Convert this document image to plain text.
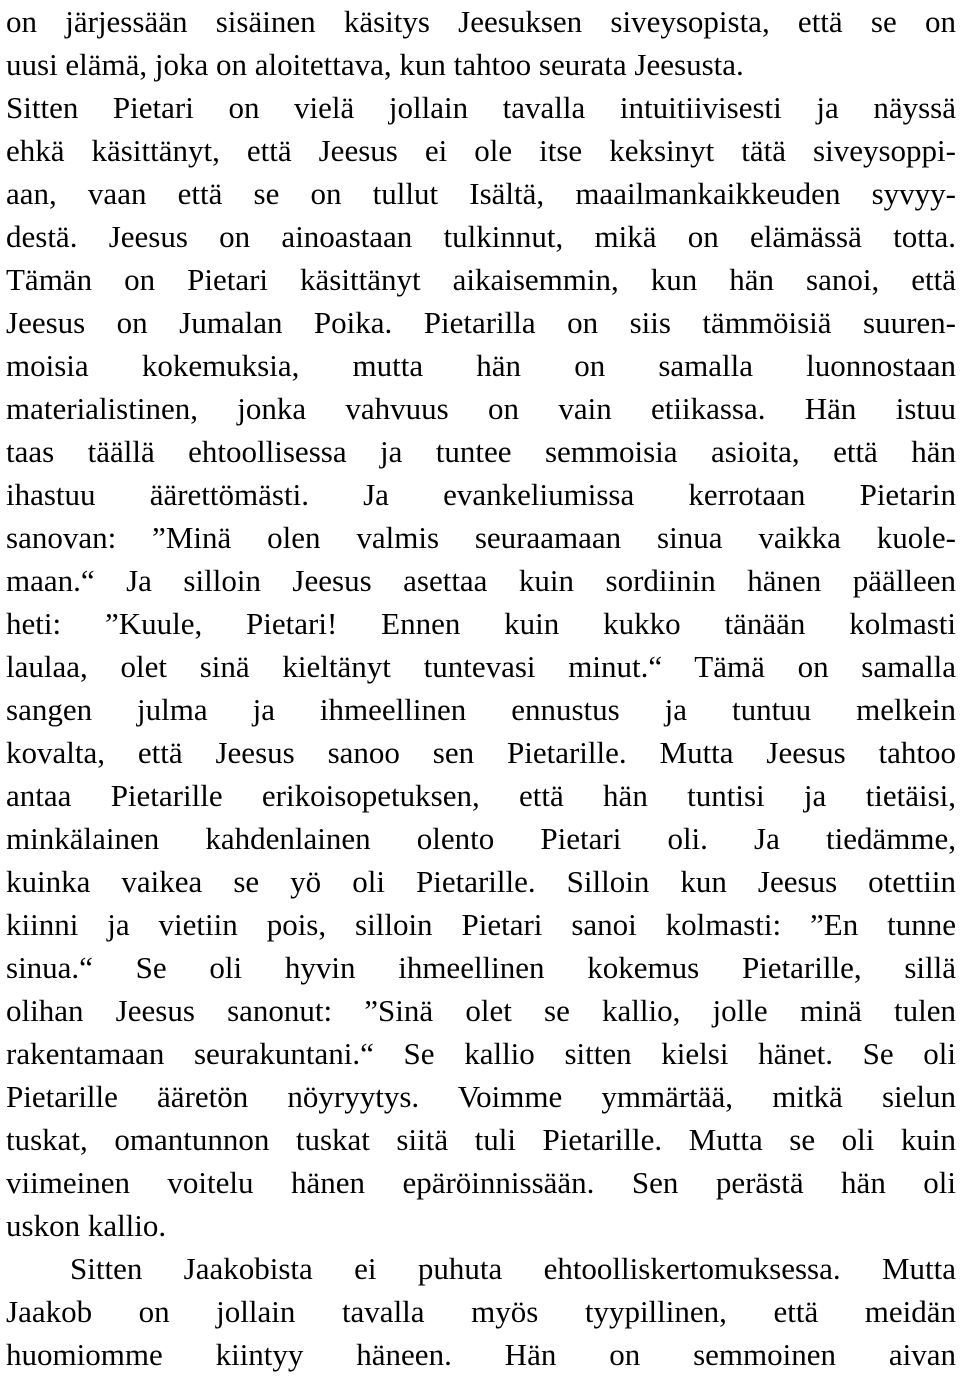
on järjessään sisäinen käsitys Jeesuksen siveysopista, että se on
uusi elämä, joka on aloitettava, kun tahtoo seurata Jeesusta.
Sitten Pietari on vielä jollain tavalla intuitiivisesti ja näyssä
ehkä käsittänyt, että Jeesus ei ole itse keksinyt tätä siveysoppi-
aan, vaan että se on tullut Isältä, maailmankaikkeuden syvyy-
destä. Jeesus on ainoastaan tulkinnut, mikä on elämässä totta.
Tämän on Pietari käsittänyt aikaisemmin, kun hän sanoi, että
Jeesus on Jumalan Poika. Pietarilla on siis tämmöisiä suuren-
moisia kokemuksia, mutta hän on samalla luonnostaan
materialistinen, jonka vahvuus on vain etiikassa. Hän istuu
taas täällä ehtoollisessa ja tuntee semmoisia asioita, että hän
ihastuu äärettömästi. Ja evankeliumissa kerrotaan Pietarin
sanovan: ”Minä olen valmis seuraamaan sinua vaikka kuole-
maan.“ Ja silloin Jeesus asettaa kuin sordiinin hänen päälleen
heti: ”Kuule, Pietari! Ennen kuin kukko tänään kolmasti
laulaa, olet sinä kieltänyt tuntevasi minut.“ Tämä on samalla
sangen julma ja ihmeellinen ennustus ja tuntuu melkein
kovalta, että Jeesus sanoo sen Pietarille. Mutta Jeesus tahtoo
antaa Pietarille erikoisopetuksen, että hän tuntisi ja tietäisi,
minkälainen kahdenlainen olento Pietari oli. Ja tiedämme,
kuinka vaikea se yö oli Pietarille. Silloin kun Jeesus otettiin
kiinni ja vietiin pois, silloin Pietari sanoi kolmasti: ”En tunne
sinua.“ Se oli hyvin ihmeellinen kokemus Pietarille, sillä
olihan Jeesus sanonut: ”Sinä olet se kallio, jolle minä tulen
rakentamaan seurakuntani.“ Se kallio sitten kielsi hänet. Se oli
Pietarille ääretön nöyryytys. Voimme ymmärtää, mitkä sielun
tuskat, omantunnon tuskat siitä tuli Pietarille. Mutta se oli kuin
viimeinen voitelu hänen epäröinnissään. Sen perästä hän oli
uskon kallio.
Sitten Jaakobista ei puhuta ehtoolliskertomuksessa. Mutta
Jaakob on jollain tavalla myös tyypillinen, että meidän
huomiomme kiintyy häneen. Hän on semmoinen aivan
